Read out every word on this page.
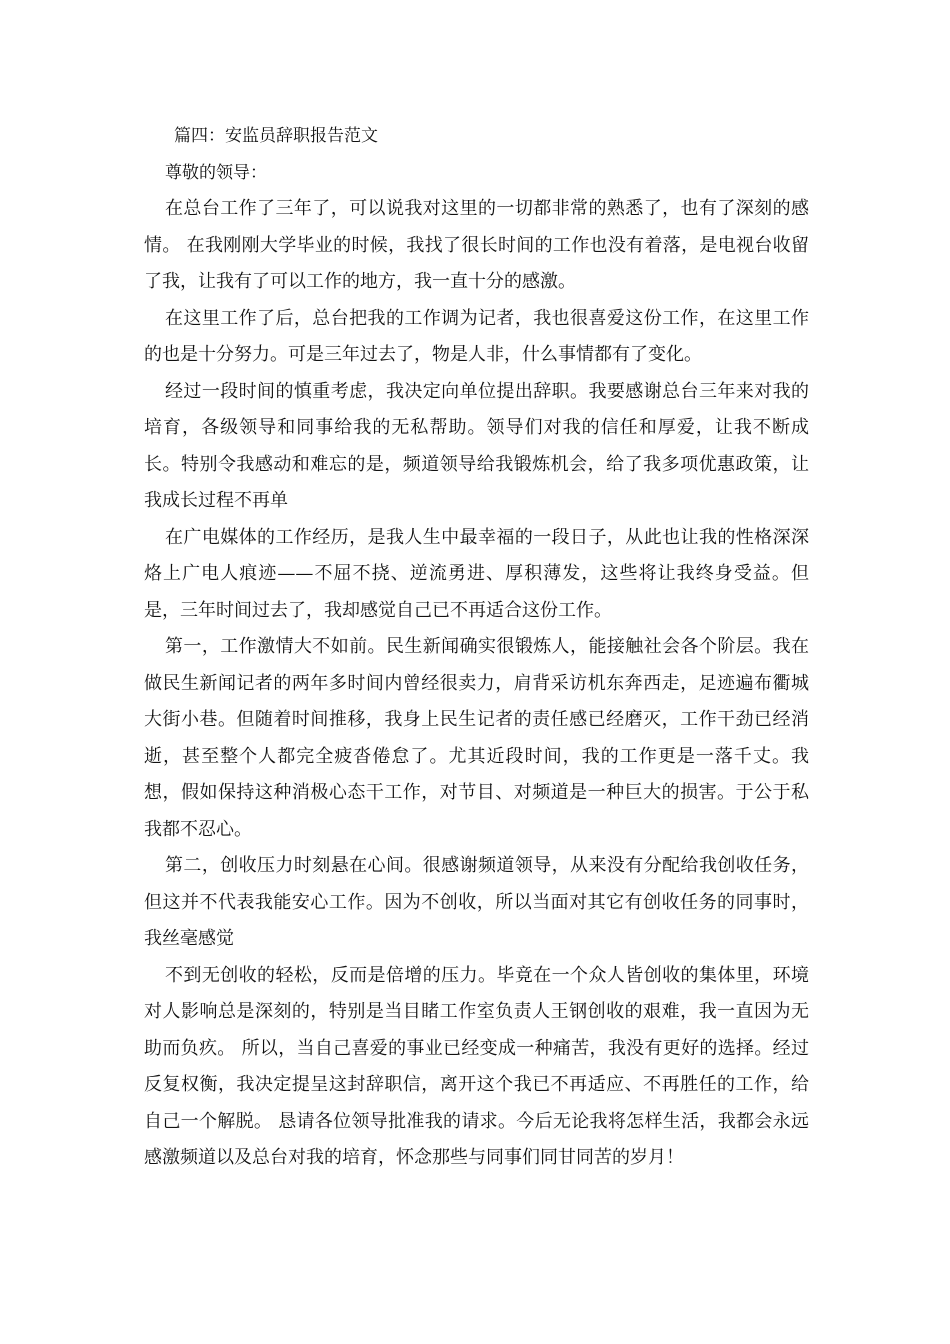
篇四：安监员辞职报告范文
尊敬的领导：

在总台工作了三年了，可以说我对这里的一切都非常的熟悉了，也有了深刻的感情。 在我刚刚大学毕业的时候，我找了很长时间的工作也没有着落，是电视台收留了我，让我有了可以工作的地方，我一直十分的感激。

在这里工作了后，总台把我的工作调为记者，我也很喜爱这份工作，在这里工作的也是十分努力。可是三年过去了，物是人非，什么事情都有了变化。

经过一段时间的慎重考虑，我决定向单位提出辞职。我要感谢总台三年来对我的培育，各级领导和同事给我的无私帮助。领导们对我的信任和厚爱，让我不断成长。特别令我感动和难忘的是，频道领导给我锻炼机会，给了我多项优惠政策，让我成长过程不再单

在广电媒体的工作经历，是我人生中最幸福的一段日子，从此也让我的性格深深烙上广电人痕迹——不屈不挠、逆流勇进、厚积薄发，这些将让我终身受益。但是，三年时间过去了，我却感觉自己已不再适合这份工作。

第一，工作激情大不如前。民生新闻确实很锻炼人，能接触社会各个阶层。我在做民生新闻记者的两年多时间内曾经很卖力，肩背采访机东奔西走，足迹遍布衢城大街小巷。但随着时间推移，我身上民生记者的责任感已经磨灭，工作干劲已经消逝，甚至整个人都完全疲沓倦怠了。尤其近段时间，我的工作更是一落千丈。我想，假如保持这种消极心态干工作，对节目、对频道是一种巨大的损害。于公于私我都不忍心。

第二，创收压力时刻悬在心间。很感谢频道领导，从来没有分配给我创收任务，但这并不代表我能安心工作。因为不创收，所以当面对其它有创收任务的同事时，我丝毫感觉

不到无创收的轻松，反而是倍增的压力。毕竟在一个众人皆创收的集体里，环境对人影响总是深刻的，特别是当目睹工作室负责人王钢创收的艰难，我一直因为无助而负疚。 所以，当自己喜爱的事业已经变成一种痛苦，我没有更好的选择。经过反复权衡，我决定提呈这封辞职信，离开这个我已不再适应、不再胜任的工作，给自己一个解脱。 恳请各位领导批准我的请求。今后无论我将怎样生活，我都会永远感激频道以及总台对我的培育，怀念那些与同事们同甘同苦的岁月！
